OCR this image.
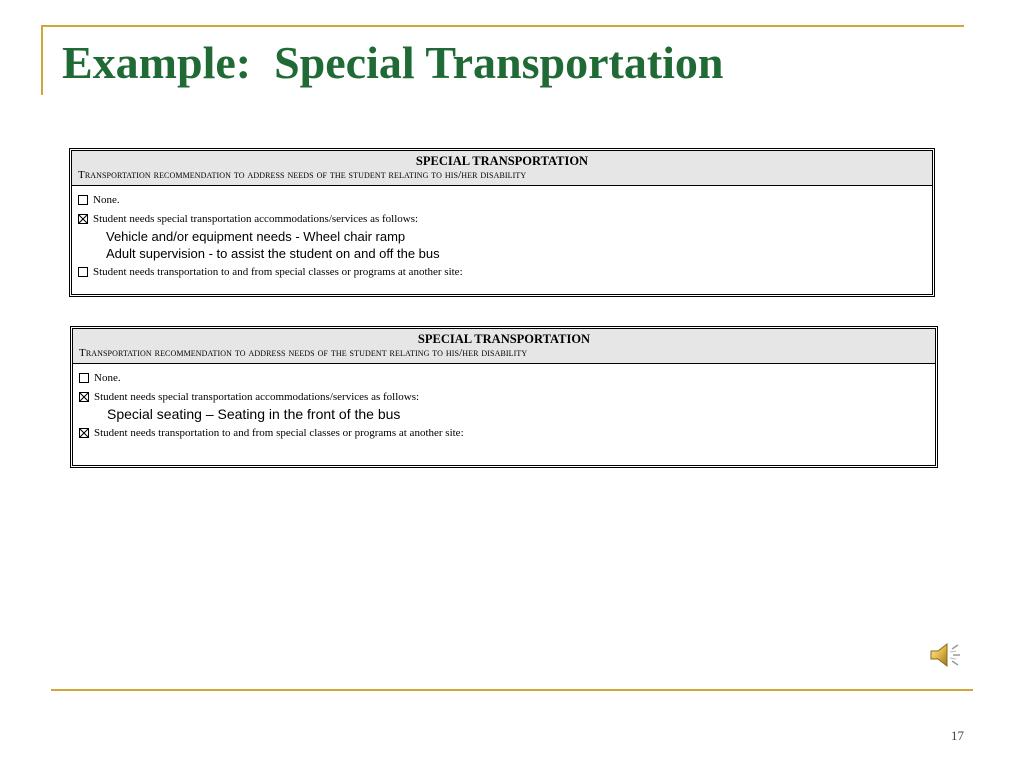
Example:  Special Transportation
SPECIAL TRANSPORTATION
Transportation recommendation to address needs of the student relating to his/her disability
None.
Student needs special transportation accommodations/services as follows:
Vehicle and/or equipment needs - Wheel chair ramp
Adult supervision - to assist the student on and off the bus
Student needs transportation to and from special classes or programs at another site:
SPECIAL TRANSPORTATION
Transportation recommendation to address needs of the student relating to his/her disability
None.
Student needs special transportation accommodations/services as follows:
Special seating – Seating in the front of the bus
Student needs transportation to and from special classes or programs at another site:
17
